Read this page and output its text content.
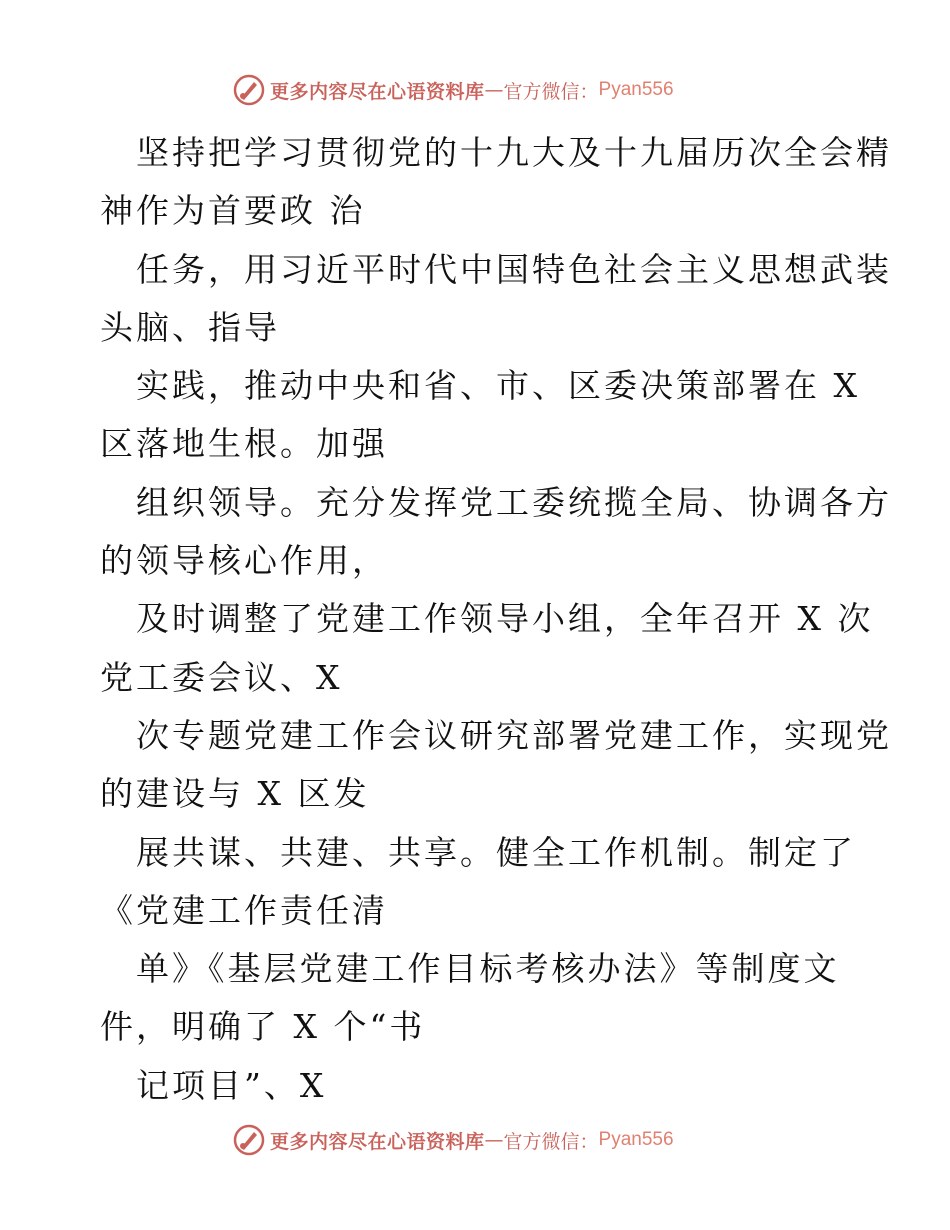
更多内容尽在心语资料库 — 官方微信： Pyan556
坚持把学习贯彻党的十九大及十九届历次全会精
神作为首要政 治
任务，用习近平时代中国特色社会主义思想武装
头脑、指导
实践，推动中央和省、市、区委决策部署在 X
区落地生根。加强
组织领导。充分发挥党工委统揽全局、协调各方
的领导核心作用，
及时调整了党建工作领导小组，全年召开 X 次
党工委会议、X
次专题党建工作会议研究部署党建工作，实现党
的建设与 X 区发
展共谋、共建、共享。健全工作机制。制定了
《党建工作责任清
单》《基层党建工作目标考核办法》等制度文
件，明确了 X 个“书
记项目”、X
更多内容尽在心语资料库 — 官方微信： Pyan556
